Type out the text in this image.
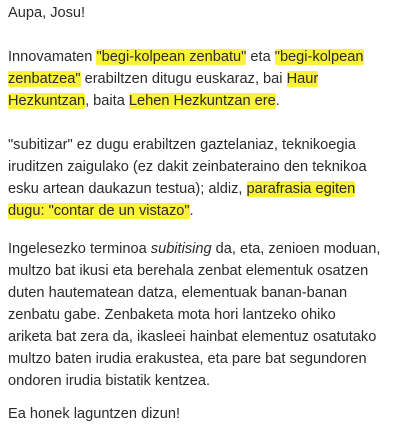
Aupa, Josu!

Innovamaten "begi-kolpean zenbatu" eta "begi-kolpean
zenbatzea" erabiltzen ditugu euskaraz, bai Haur
Hezkuntzan, baita Lehen Hezkuntzan ere.

"subitizar" ez dugu erabiltzen gaztelaniaz, teknikoegia
iruditzen zaigulako (ez dakit zeinbateraino den teknikoa
esku artean daukazun testua); aldiz, parafrasia egiten
dugu: "contar de un vistazo".

Ingelesezko terminoa subitising da, eta, zenioen moduan,
multzo bat ikusi eta berehala zenbat elementuk osatzen
duten hautematean datza, elementuak banan-banan
zenbatu gabe. Zenbaketa mota hori lantzeko ohiko
ariketa bat zera da, ikasleei hainbat elementuz osatutako
multzo baten irudia erakustea, eta pare bat segundoren
ondoren irudia bistatik kentzea.

Ea honek laguntzen dizun!
